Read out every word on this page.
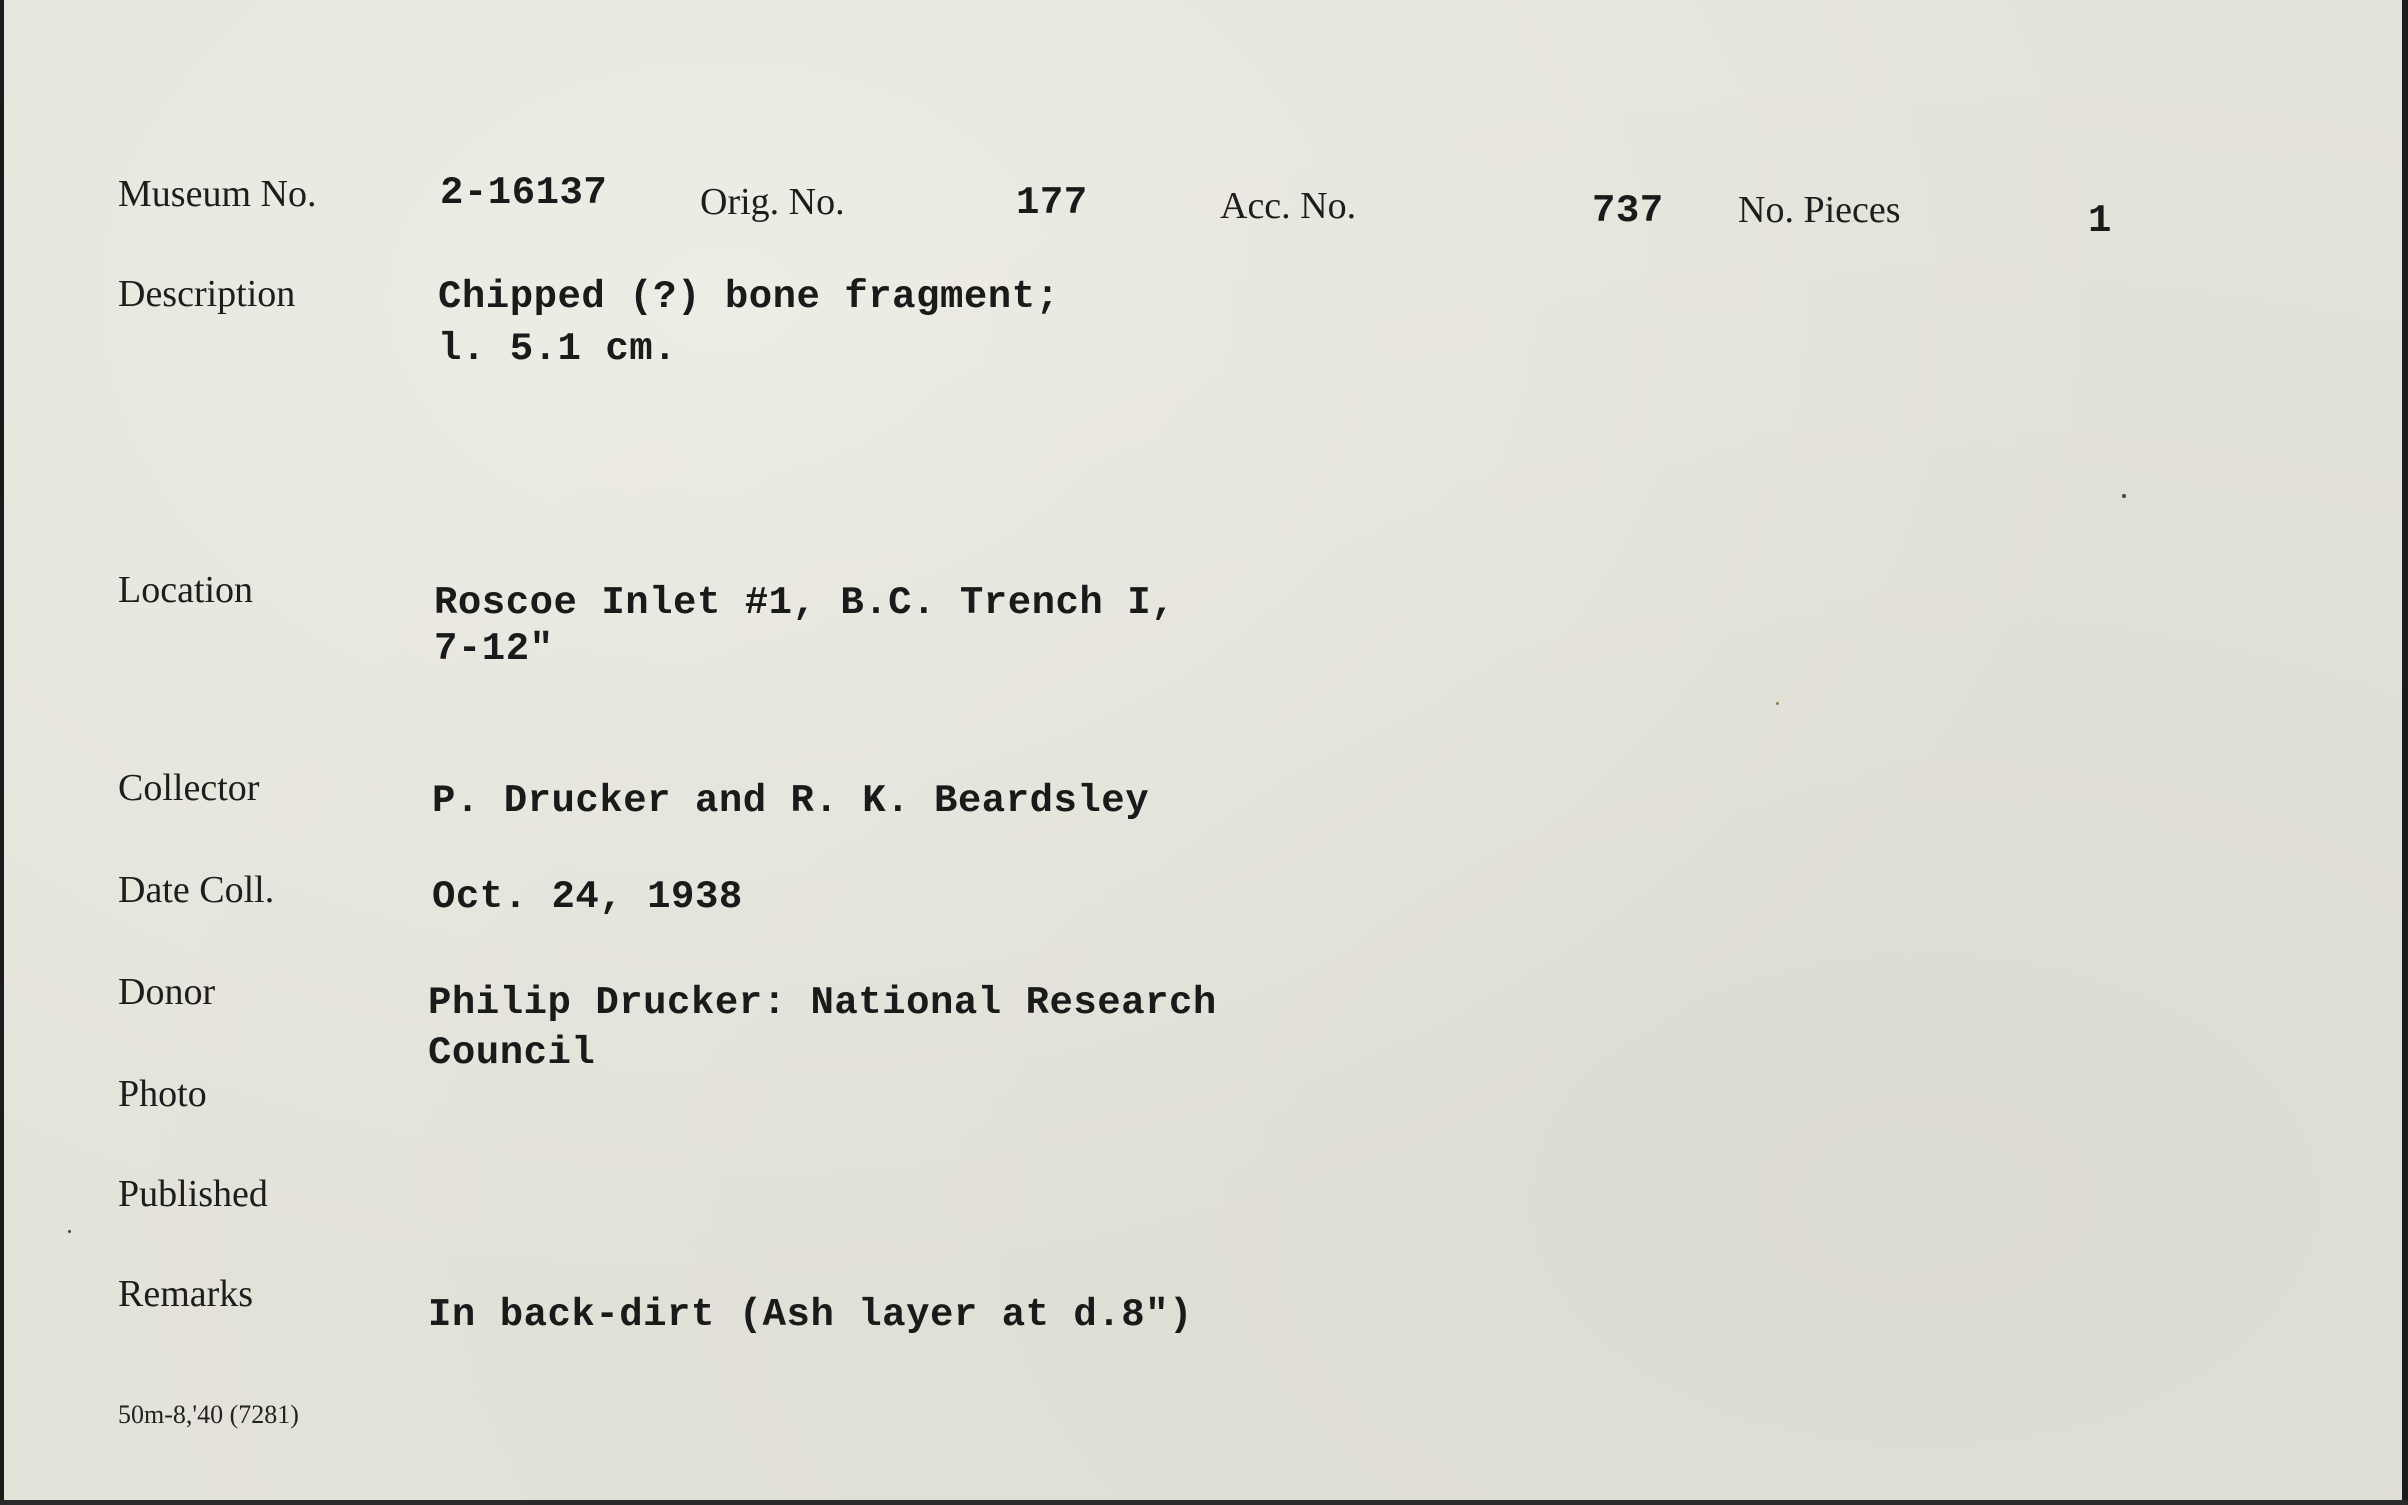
Museum No.	2-16137 Orig. No.	177	Acc. No.	737 No. Pieces	1
Description	Chipped (?) bone fragment;
l. 5.1 cm.
Location	Roscoe Inlet #1, B.C. Trench I,
7-12"
Collector	P. Drucker and R. K. Beardsley
Date Coll.	Oct. 24, 1938
Donor	Philip Drucker: National Research
Council
Photo
Published
Remarks	In back-dirt (Ash layer at d.8")
50m-8,'40 (7281)
